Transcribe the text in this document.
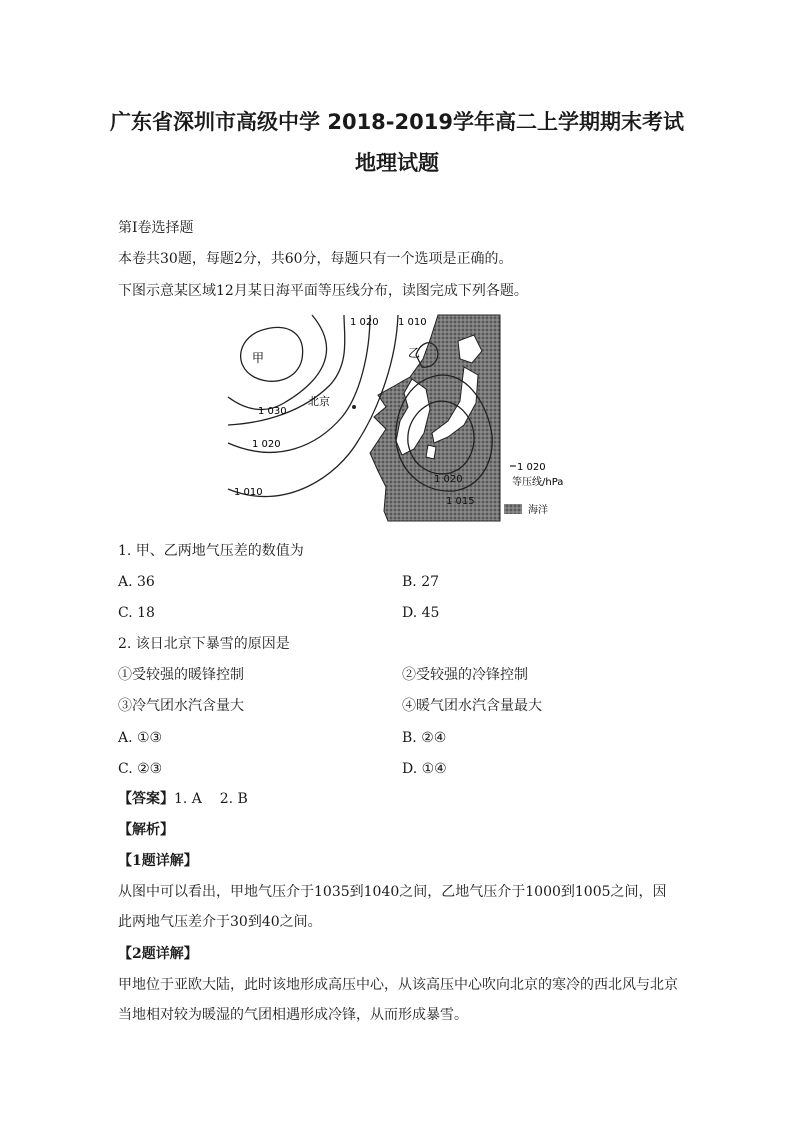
广东省深圳市高级中学 2018-2019学年高二上学期期末考试
地理试题
第Ⅰ卷选择题
本卷共30题，每题2分，共60分，每题只有一个选项是正确的。
下图示意某区域12月某日海平面等压线分布，读图完成下列各题。
甲	乙
北京
1 020 1 010
1 030
1 020
1 010
1 020
1 015
1 020
等压线/hPa
海洋
1. 甲、乙两地气压差的数值为
A. 36	B. 27
C. 18	D. 45
2. 该日北京下暴雪的原因是
①受较强的暖锋控制	②受较强的冷锋控制
③冷气团水汽含量大	④暖气团水汽含量最大
A. ①③	B. ②④
C. ②③	D. ①④
【答案】1. A    2. B
【解析】
【1题详解】
从图中可以看出，甲地气压介于1035到1040之间，乙地气压介于1000到1005之间，因此两地气压差介于30到40之间。
【2题详解】
甲地位于亚欧大陆，此时该地形成高压中心，从该高压中心吹向北京的寒冷的西北风与北京当地相对较为暖湿的气团相遇形成冷锋，从而形成暴雪。
